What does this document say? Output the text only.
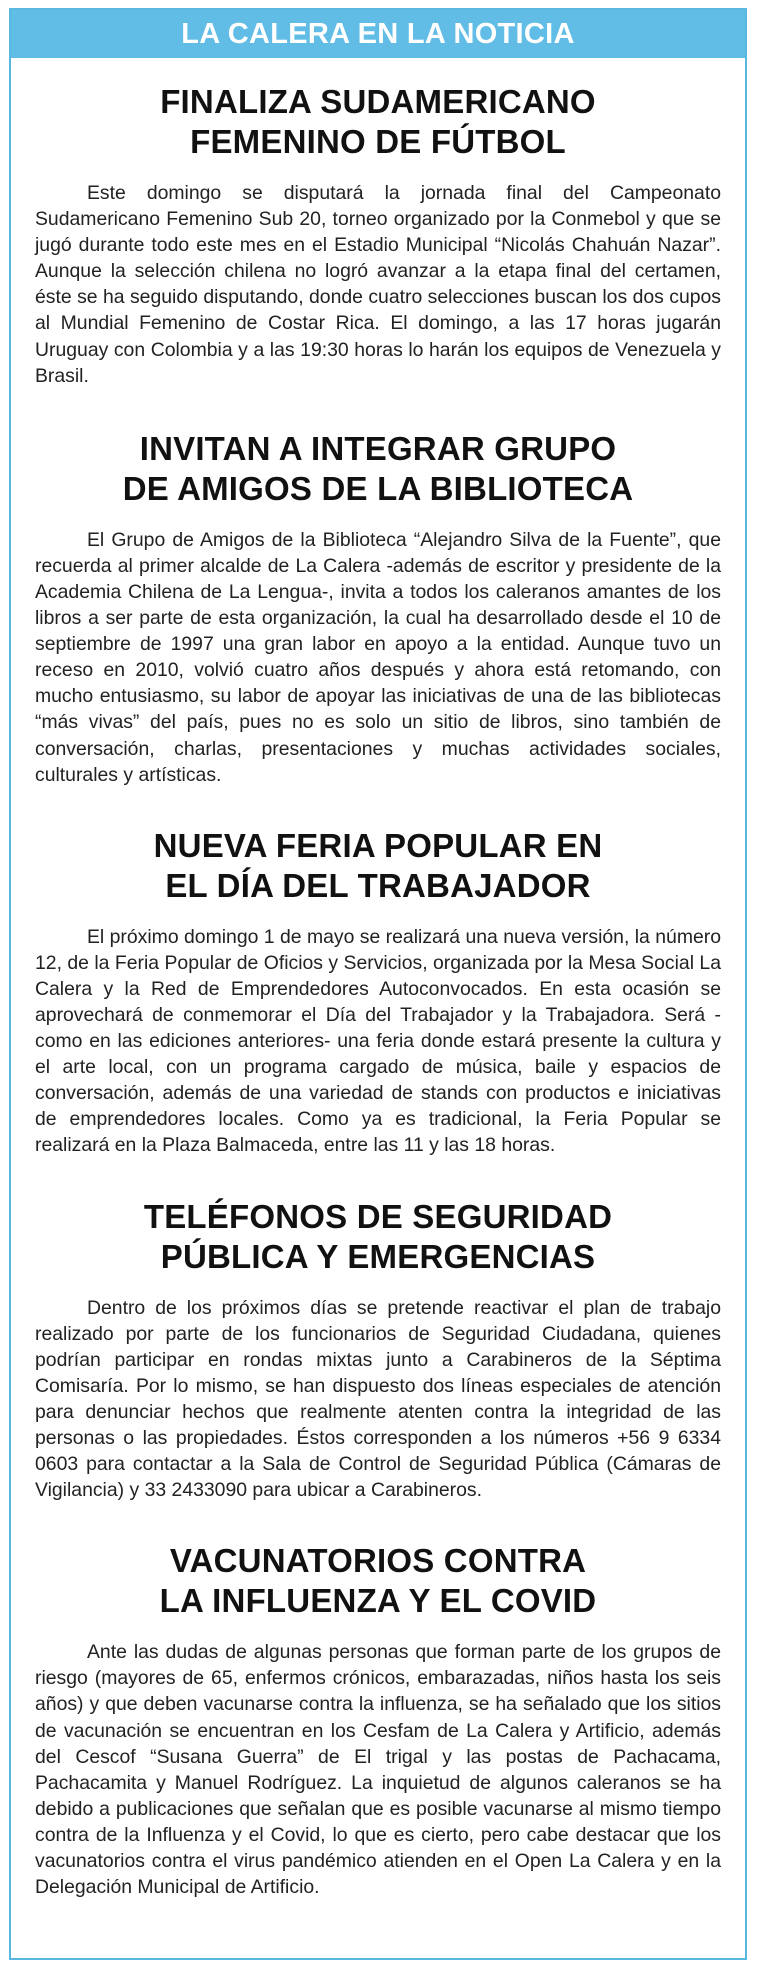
LA CALERA EN LA NOTICIA
FINALIZA SUDAMERICANO
FEMENINO DE FÚTBOL

Este domingo se disputará la jornada final del Campeonato Sudamericano Femenino Sub 20, torneo organizado por la Conmebol y que se jugó durante todo este mes en el Estadio Municipal “Nicolás Chahuán Nazar”. Aunque la selección chilena no logró avanzar a la etapa final del certamen, éste se ha seguido disputando, donde cuatro selecciones buscan los dos cupos al Mundial Femenino de Costar Rica. El domingo, a las 17 horas jugarán Uruguay con Colombia y a las 19:30 horas lo harán los equipos de Venezuela y Brasil.

INVITAN A INTEGRAR GRUPO
DE AMIGOS DE LA BIBLIOTECA

El Grupo de Amigos de la Biblioteca “Alejandro Silva de la Fuente”, que recuerda al primer alcalde de La Calera -además de escritor y presidente de la Academia Chilena de La Lengua-, invita a todos los caleranos amantes de los libros a ser parte de esta organización, la cual ha desarrollado desde el 10 de septiembre de 1997 una gran labor en apoyo a la entidad. Aunque tuvo un receso en 2010, volvió cuatro años después y ahora está retomando, con mucho entusiasmo, su labor de apoyar las iniciativas de una de las bibliotecas “más vivas” del país, pues no es solo un sitio de libros, sino también de conversación, charlas, presentaciones y muchas actividades sociales, culturales y artísticas.

NUEVA FERIA POPULAR EN
EL DÍA DEL TRABAJADOR

El próximo domingo 1 de mayo se realizará una nueva versión, la número 12, de la Feria Popular de Oficios y Servicios, organizada por la Mesa Social La Calera y la Red de Emprendedores Autoconvocados. En esta ocasión se aprovechará de conmemorar el Día del Trabajador y la Trabajadora. Será -como en las ediciones anteriores- una feria donde estará presente la cultura y el arte local, con un programa cargado de música, baile y espacios de conversación, además de una variedad de stands con productos e iniciativas de emprendedores locales. Como ya es tradicional, la Feria Popular se realizará en la Plaza Balmaceda, entre las 11 y las 18 horas.

TELÉFONOS DE SEGURIDAD
PÚBLICA Y EMERGENCIAS

Dentro de los próximos días se pretende reactivar el plan de trabajo realizado por parte de los funcionarios de Seguridad Ciudadana, quienes podrían participar en rondas mixtas junto a Carabineros de la Séptima Comisaría. Por lo mismo, se han dispuesto dos líneas especiales de atención para denunciar hechos que realmente atenten contra la integridad de las personas o las propiedades. Éstos corresponden a los números +56 9 6334 0603 para contactar a la Sala de Control de Seguridad Pública (Cámaras de Vigilancia) y 33 2433090 para ubicar a Carabineros.

VACUNATORIOS CONTRA
LA INFLUENZA Y EL COVID

Ante las dudas de algunas personas que forman parte de los grupos de riesgo (mayores de 65, enfermos crónicos, embarazadas, niños hasta los seis años) y que deben vacunarse contra la influenza, se ha señalado que los sitios de vacunación se encuentran en los Cesfam de La Calera y Artificio, además del Cescof “Susana Guerra” de El trigal y las postas de Pachacama, Pachacamita y Manuel Rodríguez. La inquietud de algunos caleranos se ha debido a publicaciones que señalan que es posible vacunarse al mismo tiempo contra de la Influenza y el Covid, lo que es cierto, pero cabe destacar que los vacunatorios contra el virus pandémico atienden en el Open La Calera y en la Delegación Municipal de Artificio.
